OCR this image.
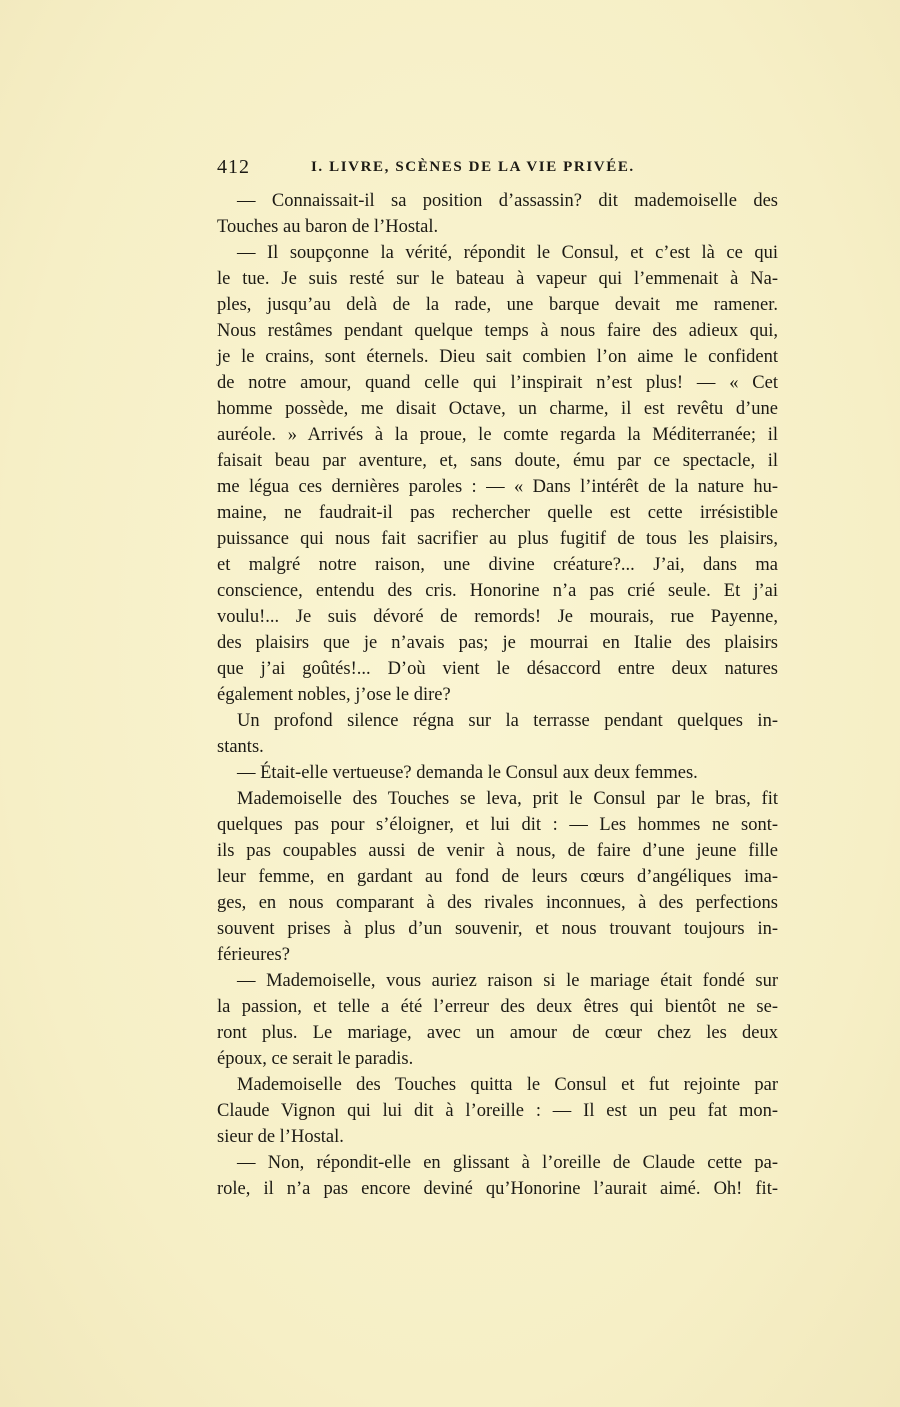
412	I. LIVRE, SCÈNES DE LA VIE PRIVÉE.
— Connaissait-il sa position d’assassin? dit mademoiselle des
Touches au baron de l’Hostal.
— Il soupçonne la vérité, répondit le Consul, et c’est là ce qui
le tue. Je suis resté sur le bateau à vapeur qui l’emmenait à Na-
ples, jusqu’au delà de la rade, une barque devait me ramener.
Nous restâmes pendant quelque temps à nous faire des adieux qui,
je le crains, sont éternels. Dieu sait combien l’on aime le confident
de notre amour, quand celle qui l’inspirait n’est plus! — « Cet
homme possède, me disait Octave, un charme, il est revêtu d’une
auréole. » Arrivés à la proue, le comte regarda la Méditerranée; il
faisait beau par aventure, et, sans doute, ému par ce spectacle, il
me légua ces dernières paroles : — « Dans l’intérêt de la nature hu-
maine, ne faudrait-il pas rechercher quelle est cette irrésistible
puissance qui nous fait sacrifier au plus fugitif de tous les plaisirs,
et malgré notre raison, une divine créature?... J’ai, dans ma
conscience, entendu des cris. Honorine n’a pas crié seule. Et j’ai
voulu!... Je suis dévoré de remords! Je mourais, rue Payenne,
des plaisirs que je n’avais pas; je mourrai en Italie des plaisirs
que j’ai goûtés!... D’où vient le désaccord entre deux natures
également nobles, j’ose le dire?
Un profond silence régna sur la terrasse pendant quelques in-
stants.
— Était-elle vertueuse? demanda le Consul aux deux femmes.
Mademoiselle des Touches se leva, prit le Consul par le bras, fit
quelques pas pour s’éloigner, et lui dit : — Les hommes ne sont-
ils pas coupables aussi de venir à nous, de faire d’une jeune fille
leur femme, en gardant au fond de leurs cœurs d’angéliques ima-
ges, en nous comparant à des rivales inconnues, à des perfections
souvent prises à plus d’un souvenir, et nous trouvant toujours in-
férieures?
— Mademoiselle, vous auriez raison si le mariage était fondé sur
la passion, et telle a été l’erreur des deux êtres qui bientôt ne se-
ront plus. Le mariage, avec un amour de cœur chez les deux
époux, ce serait le paradis.
Mademoiselle des Touches quitta le Consul et fut rejointe par
Claude Vignon qui lui dit à l’oreille : — Il est un peu fat mon-
sieur de l’Hostal.
— Non, répondit-elle en glissant à l’oreille de Claude cette pa-
role, il n’a pas encore deviné qu’Honorine l’aurait aimé. Oh! fit-
